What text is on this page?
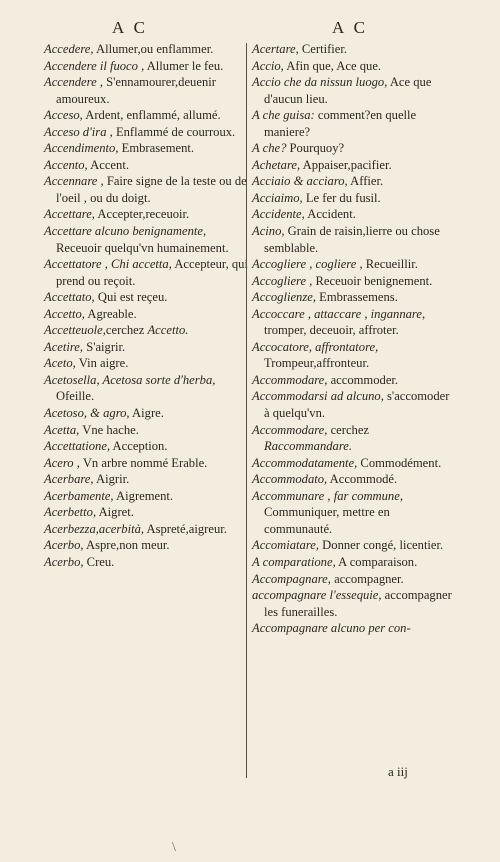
A C	A C
Accedere, Allumer,ou enflammer.
Accendere il fuoco , Allumer le feu.
Accendere , S'ennamourer,deuenir amoureux.
Acceso, Ardent, enflammé, allumé.
Acceso d'ira , Enflammé de courroux.
Accendimento, Embrasement.
Accento, Accent.
Accennare , Faire signe de la teste ou de l'oeil , ou du doigt.
Accettare, Accepter,receuoir.
Accettare alcuno benignamente, Receuoir quelqu'vn humainement.
Accettatore , Chi accetta, Accepteur, qui prend ou reçoit.
Accettato, Qui est reçeu.
Accetto, Agreable.
Accetteuole,cerchez Accetto.
Acetire, S'aigrir.
Aceto, Vin aigre.
Acetosella, Acetosa sorte d'herba, Ofeille.
Acetoso, & agro, Aigre.
Acetta, Vne hache.
Accettatione, Acception.
Acero , Vn arbre nommé Erable.
Acerbare, Aigrir.
Acerbamente, Aigrement.
Acerbetto, Aigret.
Acerbezza,acerbità, Aspreté,aigreur.
Acerbo, Aspre,non meur.
Acerbo, Creu.
Acertare, Certifier.
Accio, Afin que, Ace que.
Accio che da nissun luogo, Ace que d'aucun lieu.
A che guisa: comment?en quelle maniere?
A che? Pourquoy?
Achetare, Appaiser,pacifier.
Acciaio & acciaro, Affier.
Acciaimo, Le fer du fusil.
Accidente, Accident.
Acino, Grain de raisin,lierre ou chose semblable.
Accogliere , cogliere , Recueillir.
Accogliere , Receuoir benignement.
Accoglienze, Embrassemens.
Accoccare , attaccare , ingannare, tromper, deceuoir, affroter.
Accocatore, affrontatore, Trompeur,affronteur.
Accommodare, accommoder.
Accommodarsi ad alcuno, s'accomoder à quelqu'vn.
Accommodare, cerchez Raccommandare.
Accommodatamente, Commodément.
Accommodato, Accommodé.
Accommunare , far commune, Communiquer, mettre en communauté.
Accomiatare, Donner congé, licentier.
A comparatione, A comparaison.
Accompagnare, accompagner.
accompagnare l'essequie, accompagner les funerailles.
Accompagnare alcuno per con-
a iij
\
